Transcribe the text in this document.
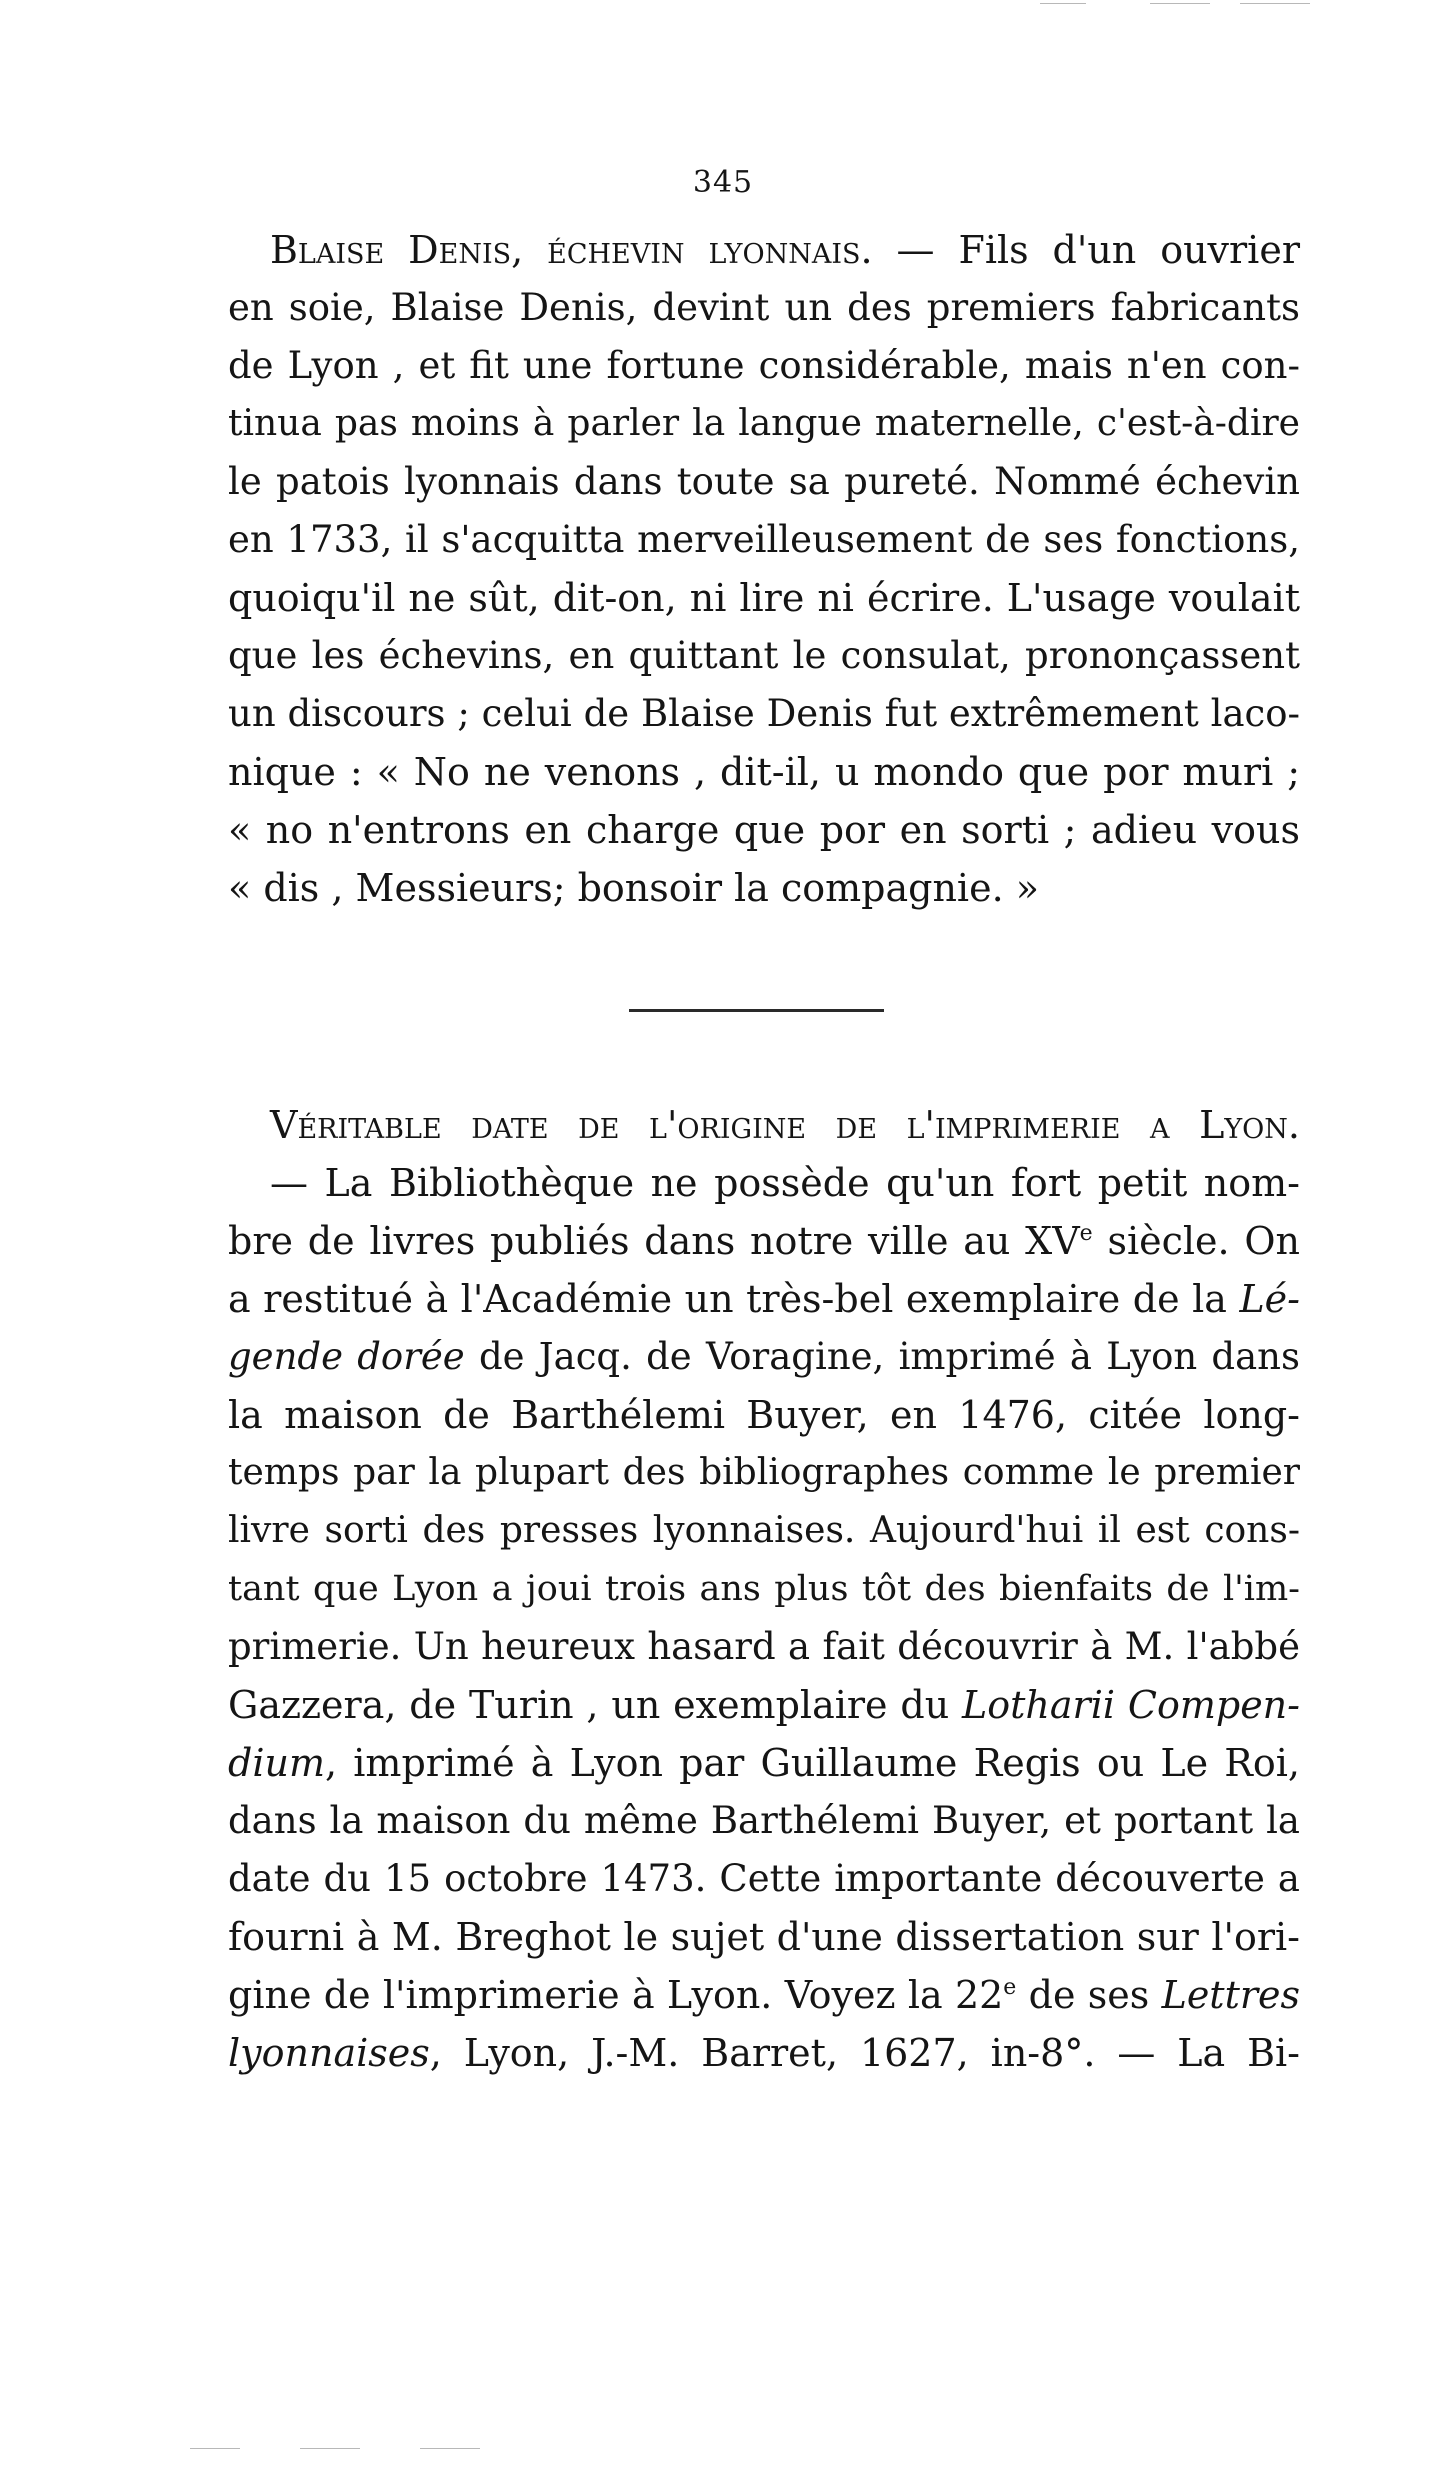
345
Blaise Denis, échevin lyonnais. — Fils d'un ouvrier
en soie, Blaise Denis, devint un des premiers fabricants
de Lyon , et fit une fortune considérable, mais n'en con-
tinua pas moins à parler la langue maternelle, c'est-à-dire
le patois lyonnais dans toute sa pureté. Nommé échevin
en 1733, il s'acquitta merveilleusement de ses fonctions,
quoiqu'il ne sût, dit-on, ni lire ni écrire. L'usage voulait
que les échevins, en quittant le consulat, prononçassent
un discours ; celui de Blaise Denis fut extrêmement laco-
nique : « No ne venons , dit-il, u mondo que por muri ;
« no n'entrons en charge que por en sorti ; adieu vous
« dis , Messieurs; bonsoir la compagnie. »
Véritable date de l'origine de l'imprimerie a Lyon.
— La Bibliothèque ne possède qu'un fort petit nom-
bre de livres publiés dans notre ville au XVe siècle. On
a restitué à l'Académie un très-bel exemplaire de la Lé-
gende dorée de Jacq. de Voragine, imprimé à Lyon dans
la maison de Barthélemi Buyer, en 1476, citée long-
temps par la plupart des bibliographes comme le premier
livre sorti des presses lyonnaises. Aujourd'hui il est cons-
tant que Lyon a joui trois ans plus tôt des bienfaits de l'im-
primerie. Un heureux hasard a fait découvrir à M. l'abbé
Gazzera, de Turin , un exemplaire du Lotharii Compen-
dium, imprimé à Lyon par Guillaume Regis ou Le Roi,
dans la maison du même Barthélemi Buyer, et portant la
date du 15 octobre 1473. Cette importante découverte a
fourni à M. Breghot le sujet d'une dissertation sur l'ori-
gine de l'imprimerie à Lyon. Voyez la 22e de ses Lettres
lyonnaises, Lyon, J.-M. Barret, 1627, in-8°. — La Bi-
